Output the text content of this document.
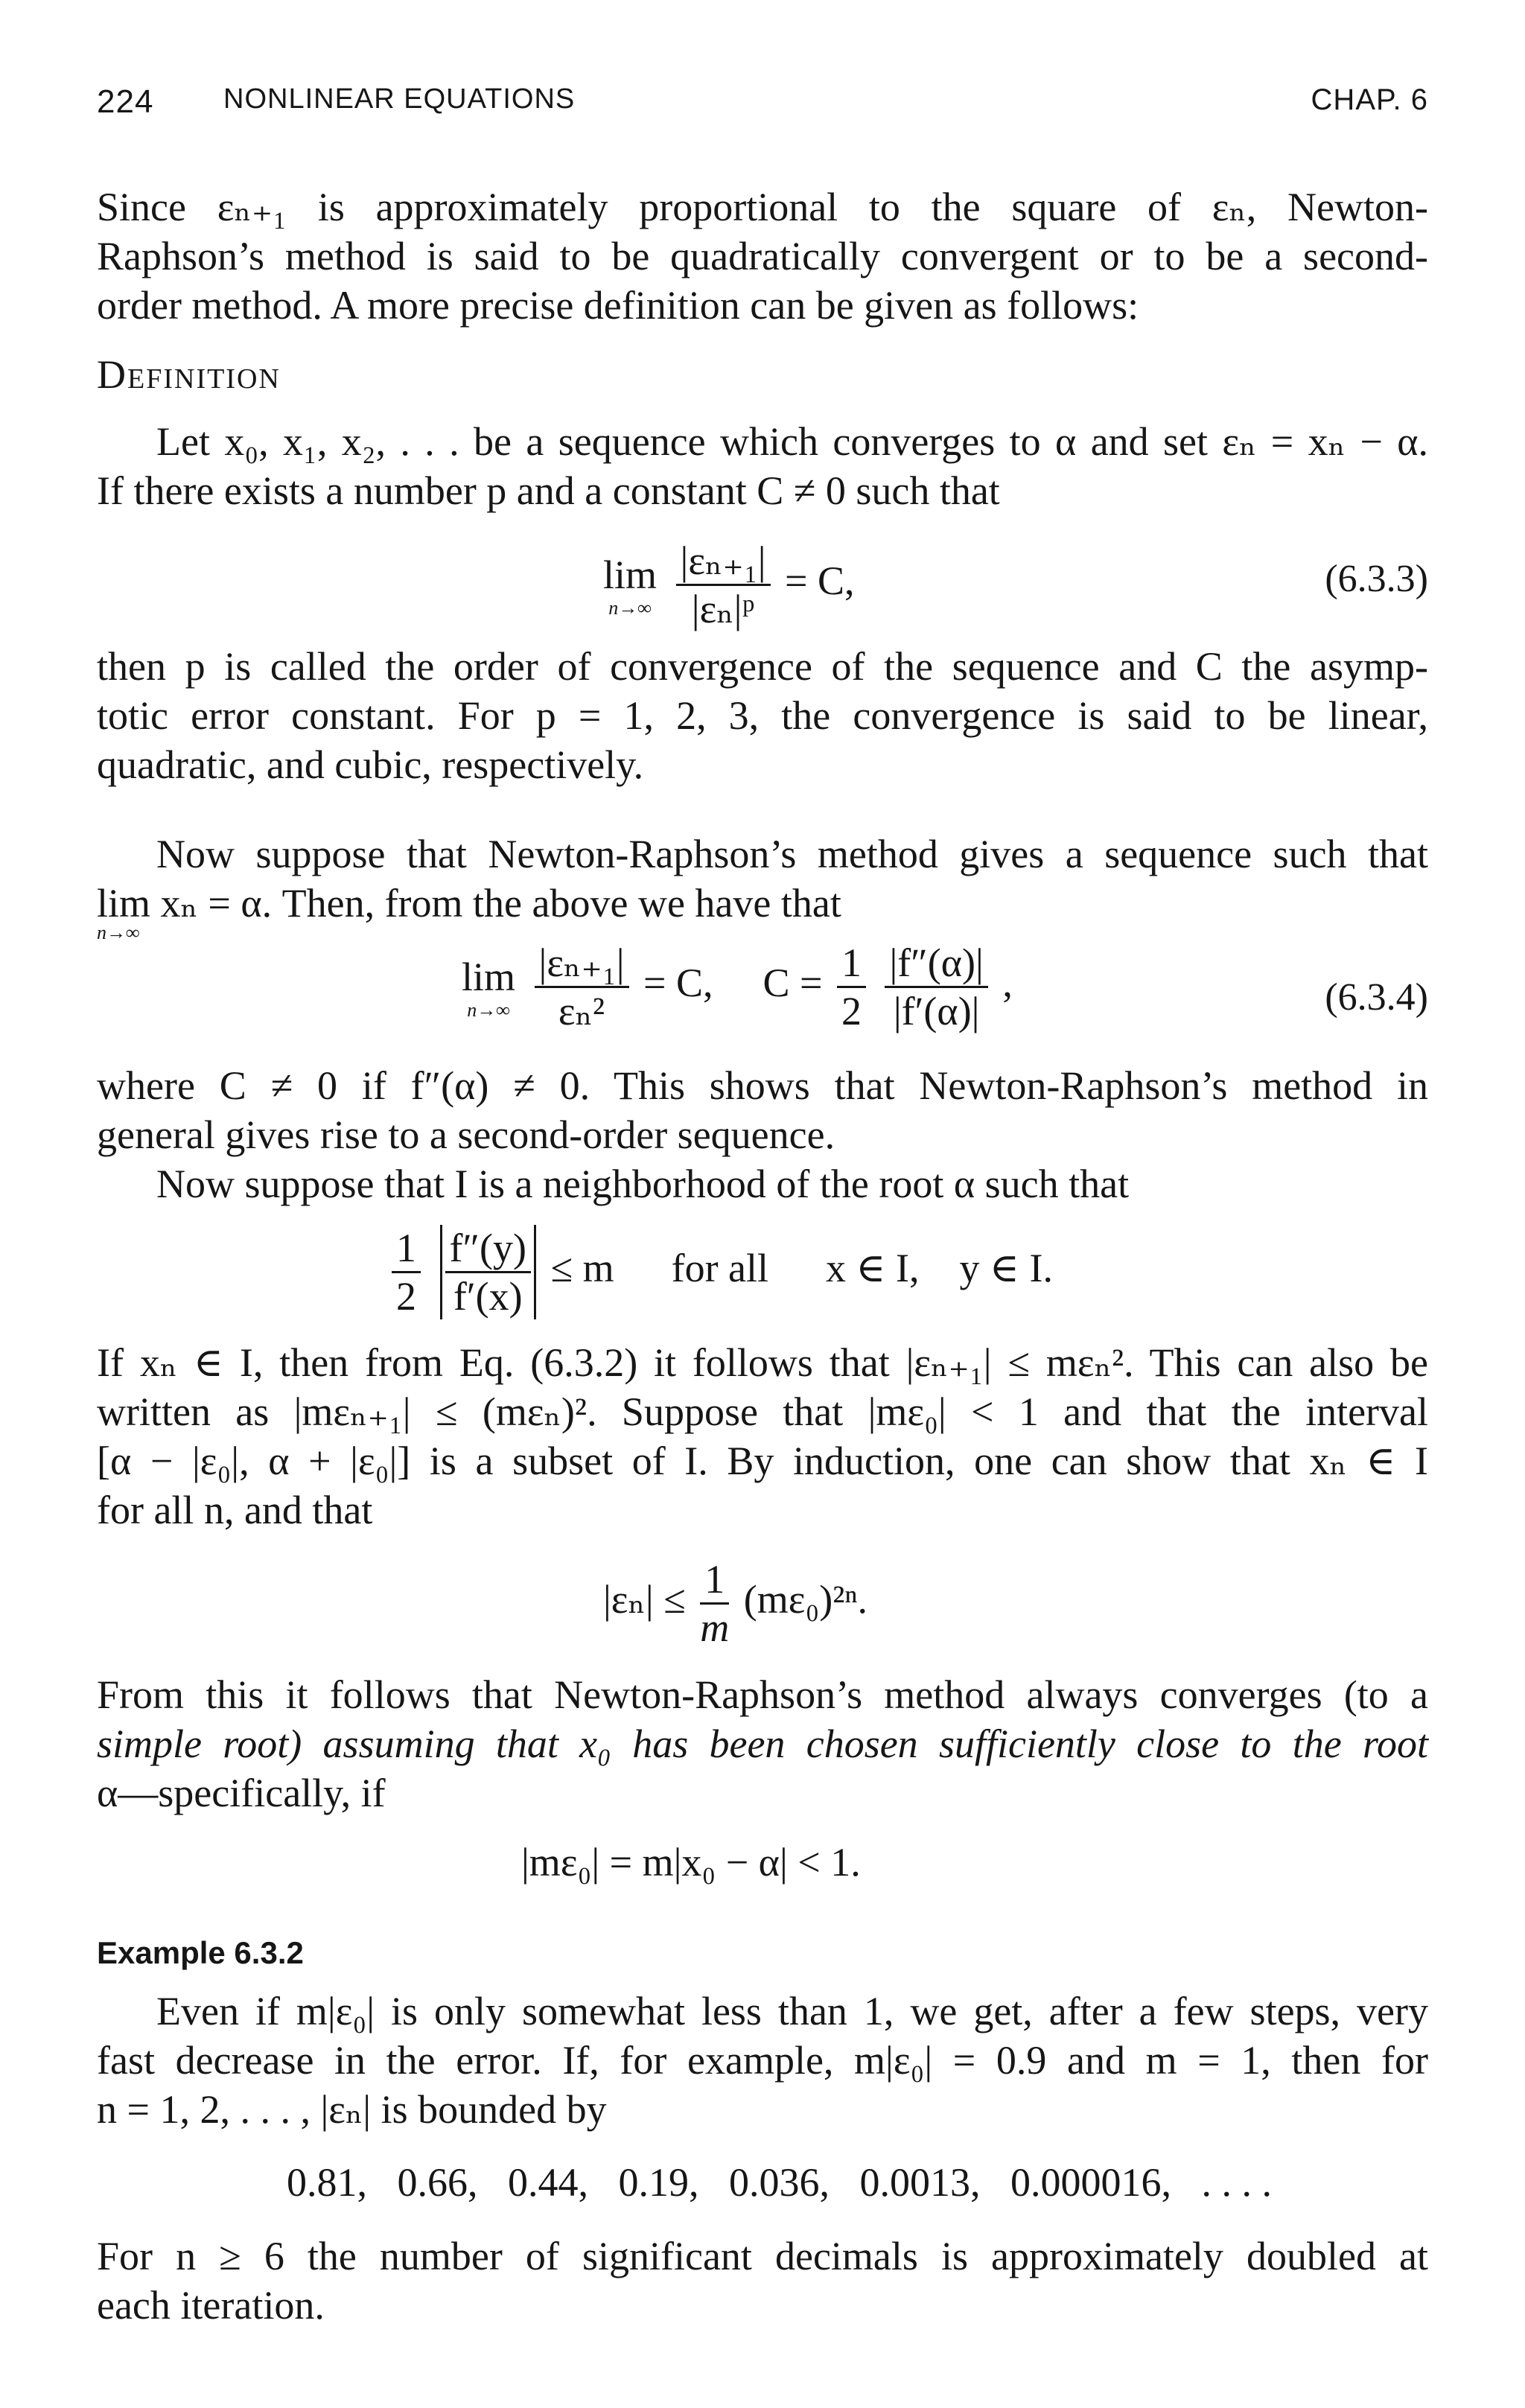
224 NONLINEAR EQUATIONS	CHAP. 6
Since εₙ₊₁ is approximately proportional to the square of εₙ, Newton-
Raphson’s method is said to be quadratically convergent or to be a second-
order method. A more precise definition can be given as follows:
Definition
Let x₀, x₁, x₂, . . . be a sequence which converges to α and set εₙ = xₙ − α.
If there exists a number p and a constant C ≠ 0 such that
lim
n→∞
$\frac{\text{|εₙ₊₁|}}{\text{|εₙ|ᵖ}} = C$,	(6.3.3)
then p is called the order of convergence of the sequence and C the asymp-
totic error constant. For p = 1, 2, 3, the convergence is said to be linear,
quadratic, and cubic, respectively.
Now suppose that Newton-Raphson’s method gives a sequence such that
lim xₙ = α. Then, from the above we have that
n→∞
lim
n→∞
$\frac{\text{|εₙ₊₁|}}{\text{εₙ²}} = C$, $C = \frac{1}{2}$
$\frac{|f''(\alpha)|}{|f'(\alpha)|}$ ,	(6.3.4)
where C ≠ 0 if f″(α) ≠ 0. This shows that Newton-Raphson’s method in
general gives rise to a second-order sequence.
Now suppose that I is a neighborhood of the root α such that
$\frac{1}{2}$
$\frac{f''(y)}{f'(x)} \le m$ for all x ∈ I,    y ∈ I.
If xₙ ∈ I, then from Eq. (6.3.2) it follows that |εₙ₊₁| ≤ mεₙ². This can also be
written as |mεₙ₊₁| ≤ (mεₙ)². Suppose that |mε₀| < 1 and that the interval
[α − |ε₀|, α + |ε₀|] is a subset of I. By induction, one can show that xₙ ∈ I
for all n, and that
$|\varepsilon_n| \le \frac{1}{m} (m\varepsilon_0)^{2n}$.
From this it follows that Newton-Raphson’s method always converges (to a
simple root) assuming that x₀ has been chosen sufficiently close to the root
α—specifically, if
|mε₀| = m|x₀ − α| < 1.
Example 6.3.2
Even if m|ε₀| is only somewhat less than 1, we get, after a few steps, very
fast decrease in the error. If, for example, m|ε₀| = 0.9 and m = 1, then for
n = 1, 2, . . . , |εₙ| is bounded by
0.81,   0.66,   0.44,   0.19,   0.036,   0.0013,   0.000016,   . . . .
For n ≥ 6 the number of significant decimals is approximately doubled at
each iteration.
